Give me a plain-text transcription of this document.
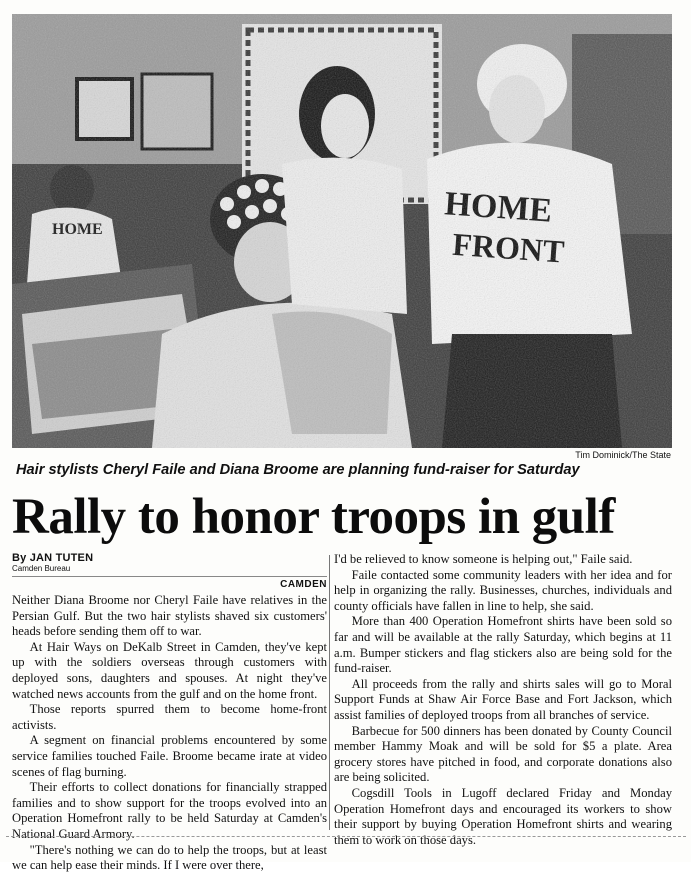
Tim Dominick/The State
Hair stylists Cheryl Faile and Diana Broome are planning fund-raiser for Saturday
Rally to honor troops in gulf
By JAN TUTEN
Camden Bureau
CAMDEN

Neither Diana Broome nor Cheryl Faile have relatives in the Persian Gulf. But the two hair stylists shaved six customers' heads before sending them off to war.

At Hair Ways on DeKalb Street in Camden, they've kept up with the soldiers overseas through customers with deployed sons, daughters and spouses. At night they've watched news accounts from the gulf and on the home front.

Those reports spurred them to become home-front activists.

A segment on financial problems encountered by some service families touched Faile. Broome became irate at video scenes of flag burning.

Their efforts to collect donations for financially strapped families and to show support for the troops evolved into an Operation Homefront rally to be held Saturday at Camden's National Guard Armory.

"There's nothing we can do to help the troops, but at least we can help ease their minds. If I were over there,

I'd be relieved to know someone is helping out," Faile said.

Faile contacted some community leaders with her idea and for help in organizing the rally. Businesses, churches, individuals and county officials have fallen in line to help, she said.

More than 400 Operation Homefront shirts have been sold so far and will be available at the rally Saturday, which begins at 11 a.m. Bumper stickers and flag stickers also are being sold for the fund-raiser.

All proceeds from the rally and shirts sales will go to Moral Support Funds at Shaw Air Force Base and Fort Jackson, which assist families of deployed troops from all branches of service.

Barbecue for 500 dinners has been donated by County Council member Hammy Moak and will be sold for $5 a plate. Area grocery stores have pitched in food, and corporate donations also are being solicited.

Cogsdill Tools in Lugoff declared Friday and Monday Operation Homefront days and encouraged its workers to show their support by buying Operation Homefront shirts and wearing them to work on those days.
